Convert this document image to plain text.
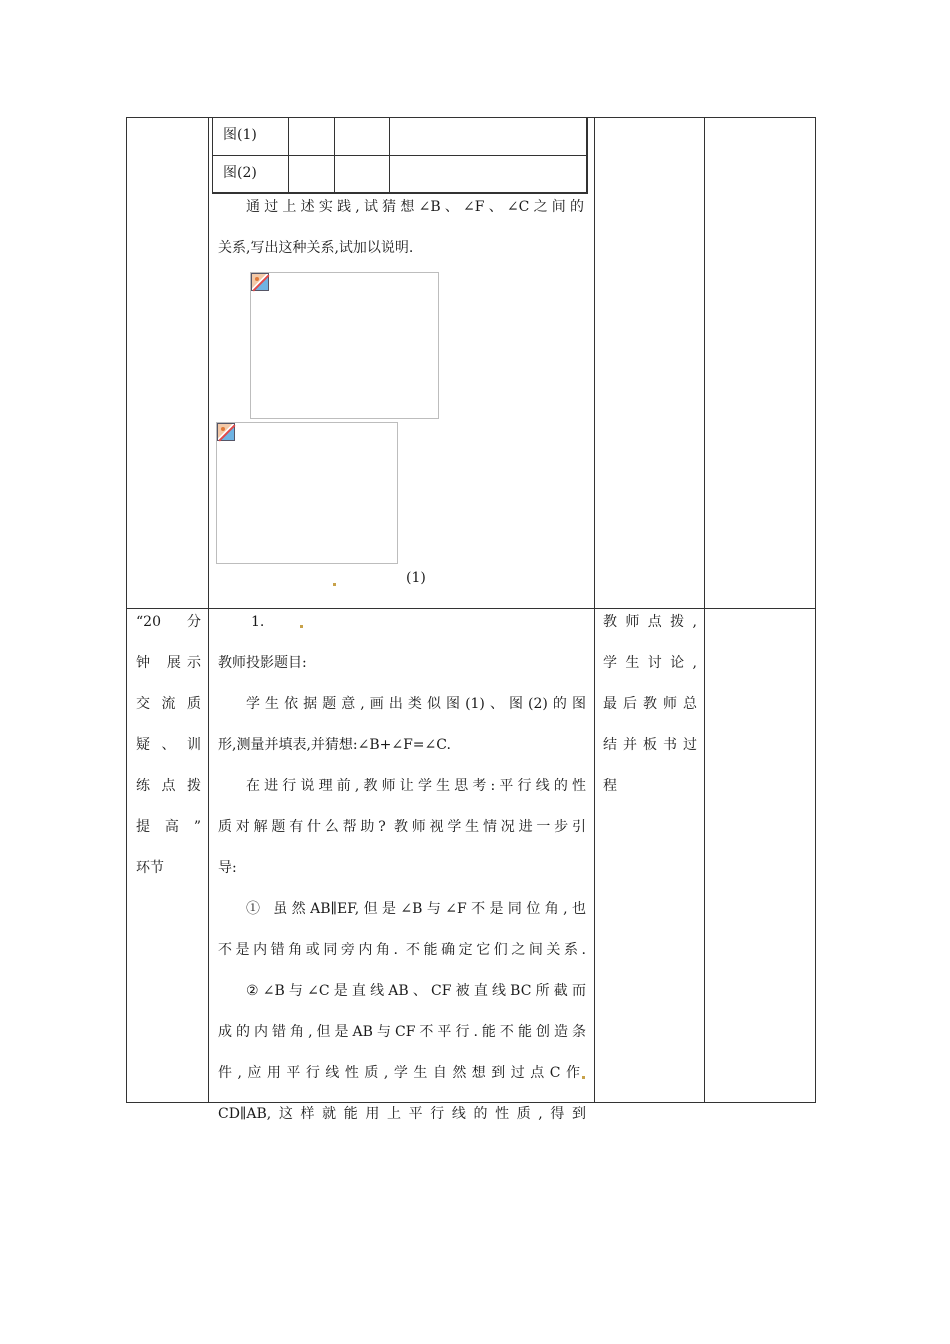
图(1)
图(2)
通过上述实践,试猜想∠B、∠F、∠C之间的
关系,写出这种关系,试加以说明.
(1)
“20 分
钟 展示
交 流 质
疑 、 训
练 点 拨
提 高 ”
环节
1.
教师投影题目:
学生依据题意,画出类似图(1)、图(2)的图
形,测量并填表,并猜想:∠B+∠F=∠C.
在进行说理前,教师让学生思考:平行线的性
质对解题有什么帮助? 教师视学生情况进一步引
导:
① 虽然AB∥EF,但是∠B与∠F不是同位角,也
不是内错角或同旁内角. 不能确定它们之间关系.
②∠B与∠C是直线AB、CF被直线BC所截而
成的内错角,但是AB与CF不平行.能不能创造条
件,应用平行线性质,学生自然想到过点C作
CD∥AB,这样就能用上平行线的性质,得到
教师点拨,
学生讨论,
最后教师总
结并板书过
程
